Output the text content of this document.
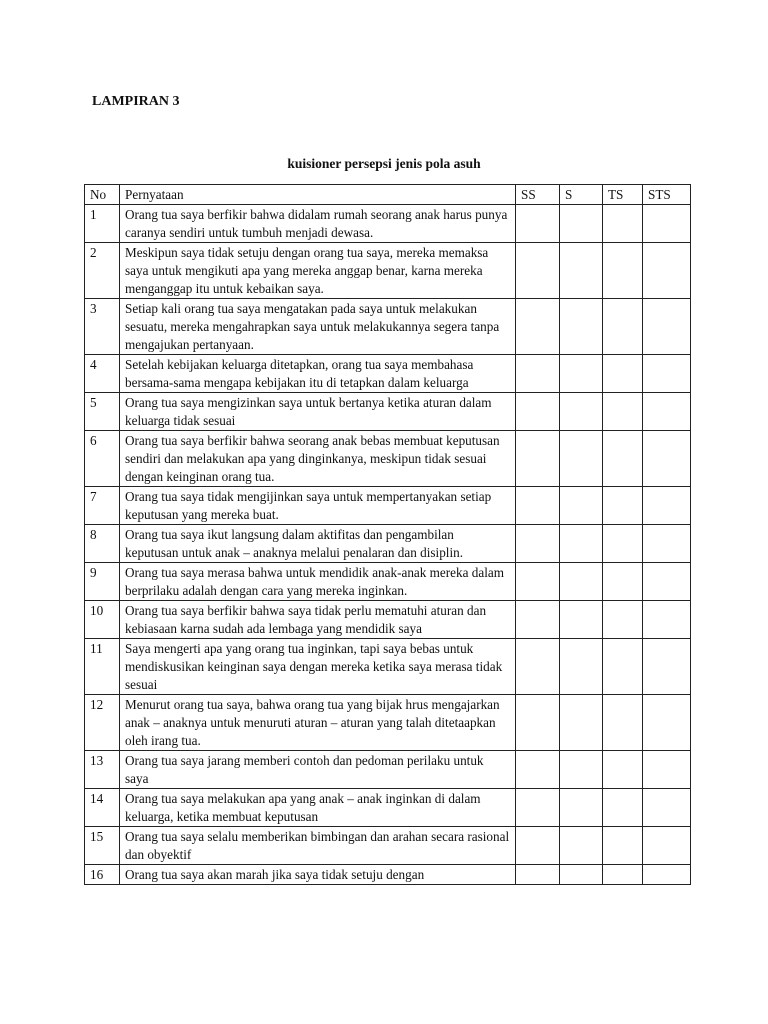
LAMPIRAN 3
kuisioner persepsi jenis pola asuh
No	Pernyataan	SS	S	TS	STS
1	Orang tua saya berfikir bahwa didalam rumah seorang anak harus punya caranya sendiri untuk tumbuh menjadi dewasa.				

2	Meskipun saya tidak setuju dengan orang tua saya, mereka memaksa saya untuk mengikuti apa yang mereka anggap benar, karna mereka menganggap itu untuk kebaikan saya.				

3	Setiap kali orang tua saya mengatakan pada saya untuk melakukan sesuatu, mereka mengahrapkan saya untuk melakukannya segera tanpa mengajukan pertanyaan.				

4	Setelah kebijakan keluarga ditetapkan, orang tua saya membahasa bersama-sama mengapa kebijakan itu di tetapkan dalam keluarga				

5	Orang tua saya mengizinkan saya untuk bertanya ketika aturan dalam keluarga tidak sesuai				

6	Orang tua saya berfikir bahwa seorang anak bebas membuat keputusan sendiri dan melakukan apa yang dinginkanya, meskipun tidak sesuai dengan keinginan orang tua.				

7	Orang tua saya tidak mengijinkan saya untuk mempertanyakan setiap keputusan yang mereka buat.				

8	Orang tua saya ikut langsung dalam aktifitas dan pengambilan keputusan untuk anak – anaknya melalui penalaran dan disiplin.				

9	Orang tua saya merasa bahwa untuk mendidik anak-anak mereka dalam berprilaku adalah dengan cara yang mereka inginkan.				

10	Orang tua saya berfikir bahwa saya tidak perlu mematuhi aturan dan kebiasaan karna sudah ada lembaga yang mendidik saya				

11	Saya mengerti apa yang orang tua inginkan, tapi saya bebas untuk mendiskusikan keinginan saya dengan mereka ketika saya merasa tidak sesuai				

12	Menurut orang tua saya, bahwa orang tua yang bijak hrus mengajarkan anak – anaknya untuk menuruti aturan – aturan yang talah ditetaapkan oleh irang tua.				

13	Orang tua saya jarang memberi contoh dan pedoman perilaku untuk saya				

14	Orang tua saya melakukan apa yang anak – anak inginkan di dalam keluarga, ketika membuat keputusan				

15	Orang tua saya selalu memberikan bimbingan dan arahan secara rasional dan obyektif				

16	Orang tua saya akan marah jika saya tidak setuju dengan				
